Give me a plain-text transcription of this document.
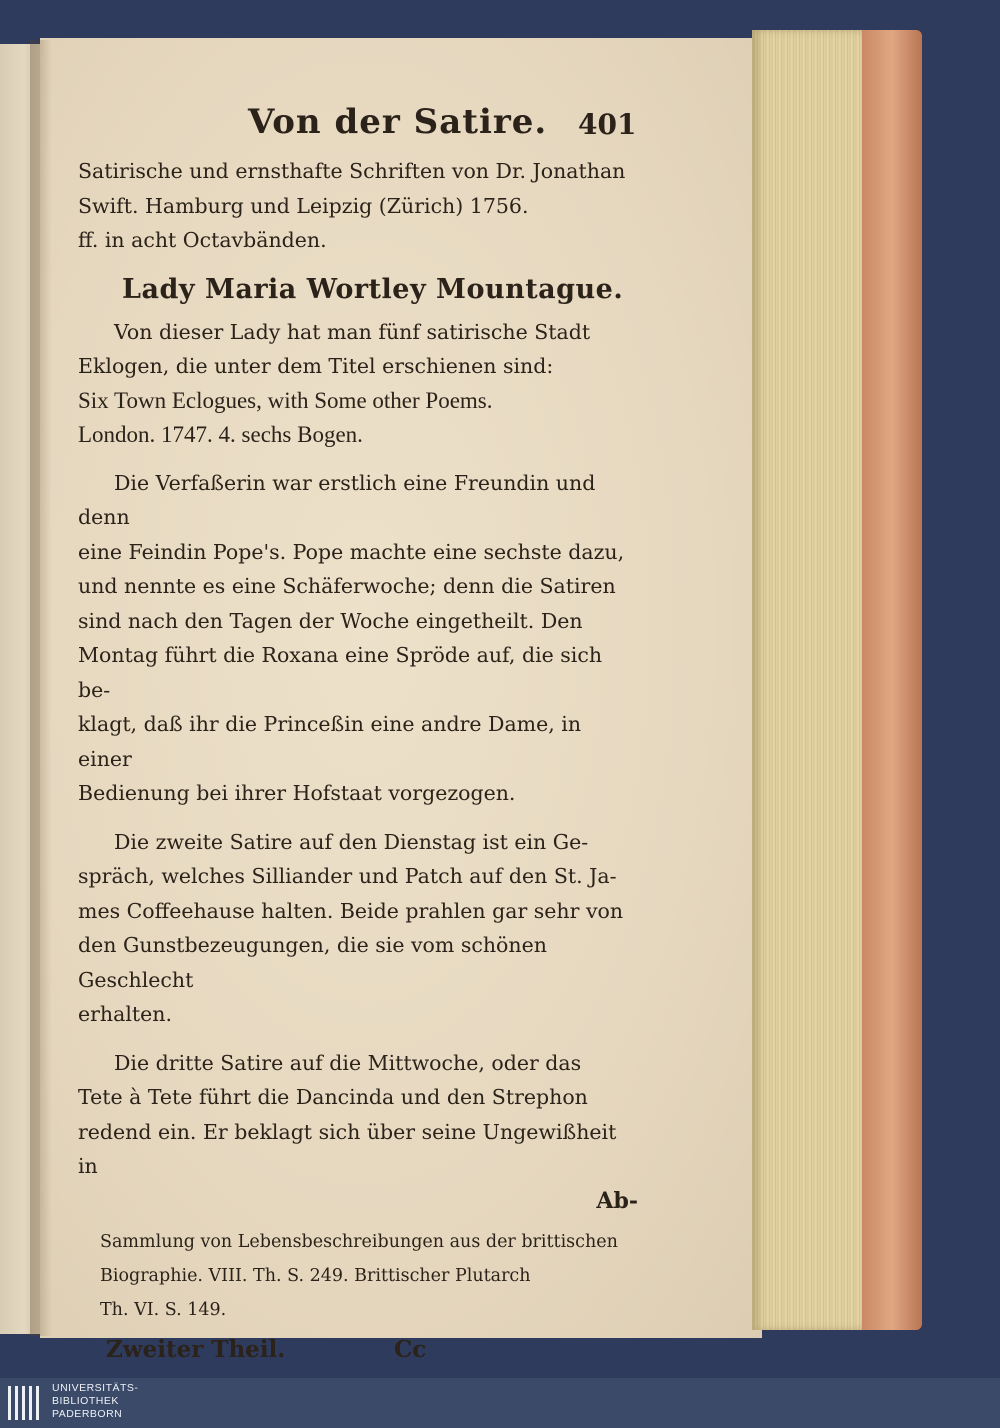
Von der Satire. 401

Satirische und ernsthafte Schriften von Dr. Jonathan

Swift. Hamburg und Leipzig (Zürich) 1756.

ff. in acht Octavbänden.

Lady Maria Wortley Mountague.

Von dieser Lady hat man fünf satirische Stadt

Eklogen, die unter dem Titel erschienen sind:

Six Town Eclogues, with Some other Poems.

London. 1747. 4. sechs Bogen.

Die Verfaßerin war erstlich eine Freundin und denn

eine Feindin Pope's. Pope machte eine sechste dazu,

und nennte es eine Schäferwoche; denn die Satiren

sind nach den Tagen der Woche eingetheilt. Den

Montag führt die Roxana eine Spröde auf, die sich be-

klagt, daß ihr die Princeßin eine andre Dame, in einer

Bedienung bei ihrer Hofstaat vorgezogen.

Die zweite Satire auf den Dienstag ist ein Ge-

spräch, welches Silliander und Patch auf den St. Ja-

mes Coffeehause halten. Beide prahlen gar sehr von

den Gunstbezeugungen, die sie vom schönen Geschlecht

erhalten.

Die dritte Satire auf die Mittwoche, oder das

Tete à Tete führt die Dancinda und den Strephon

redend ein. Er beklagt sich über seine Ungewißheit in

Ab-

Sammlung von Lebensbeschreibungen aus der brittischen

Biographie. VIII. Th. S. 249. Brittischer Plutarch

Th. VI. S. 149.

Zweiter Theil.	Cc
UNIVERSITÄTS-
BIBLIOTHEK
PADERBORN
